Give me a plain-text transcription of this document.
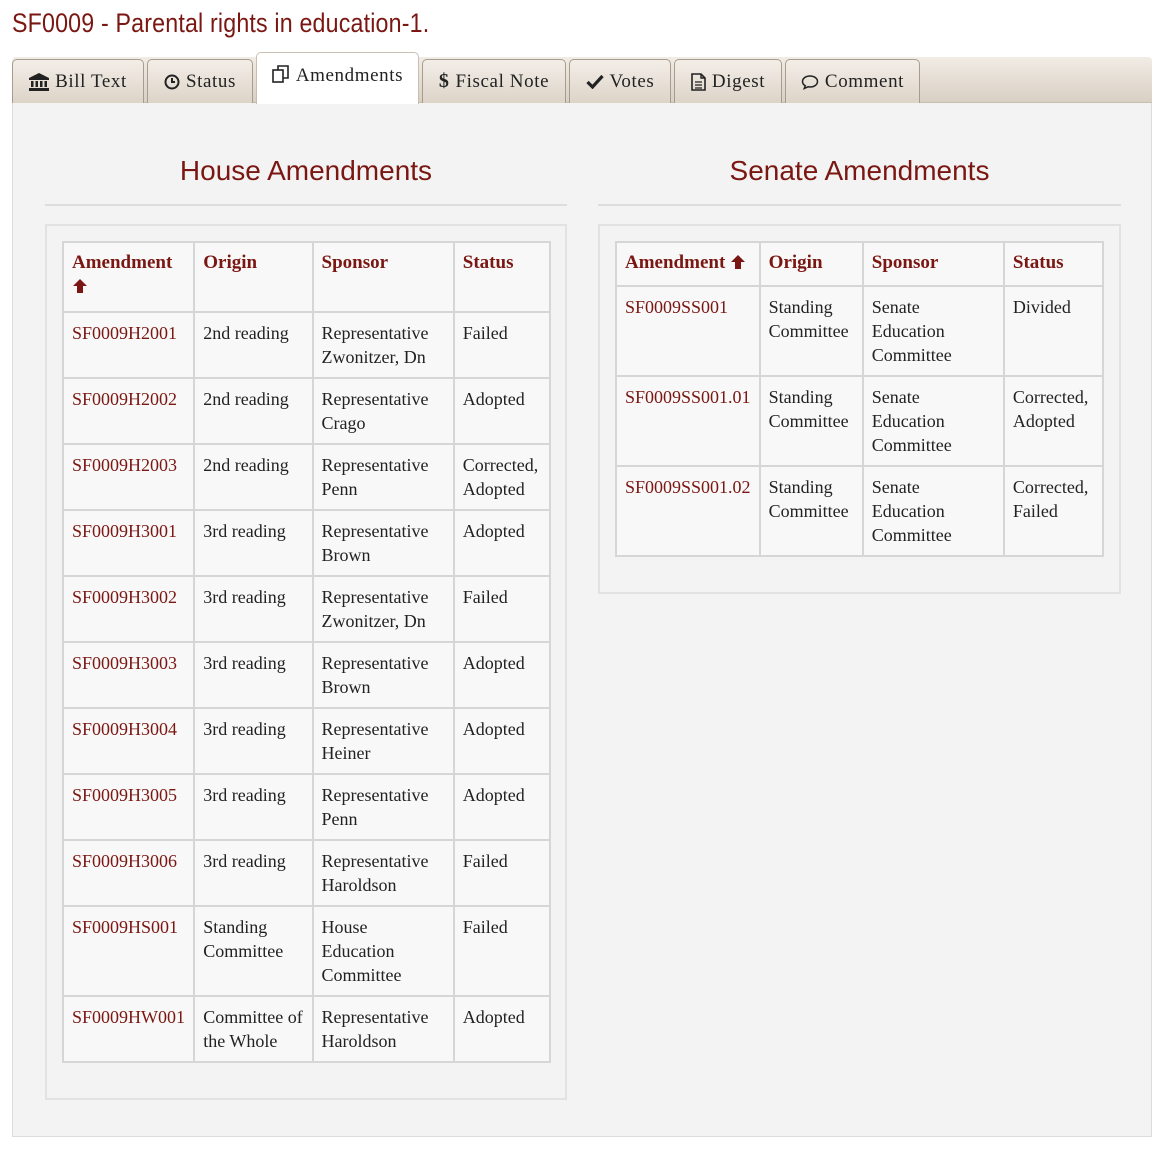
SF0009 - Parental rights in education-1.
Bill Text	Status	Amendments $ Fiscal Note	Votes	Digest	Comment
House Amendments
Amendment	Origin	Sponsor	Status
SF0009H2001	2nd reading	Representative Zwonitzer, Dn	Failed
SF0009H2002	2nd reading	Representative Crago	Adopted
SF0009H2003	2nd reading	Representative Penn	Corrected, Adopted
SF0009H3001	3rd reading	Representative Brown	Adopted
SF0009H3002	3rd reading	Representative Zwonitzer, Dn	Failed
SF0009H3003	3rd reading	Representative Brown	Adopted
SF0009H3004	3rd reading	Representative Heiner	Adopted
SF0009H3005	3rd reading	Representative Penn	Adopted
SF0009H3006	3rd reading	Representative Haroldson	Failed
SF0009HS001	Standing Committee	House Education Committee	Failed
SF0009HW001	Committee of the Whole	Representative Haroldson	Adopted
Senate Amendments
Amendment	Origin	Sponsor	Status
SF0009SS001	Standing Committee	Senate Education Committee	Divided
SF0009SS001.01	Standing Committee	Senate Education Committee	Corrected, Adopted
SF0009SS001.02	Standing Committee	Senate Education Committee	Corrected, Failed
